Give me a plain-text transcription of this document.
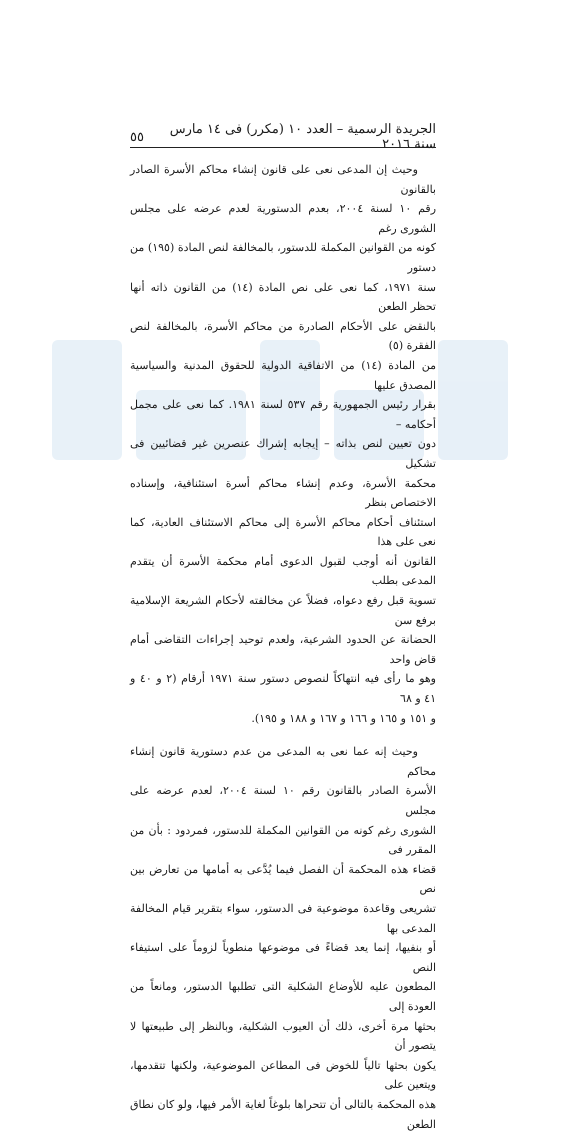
الجريدة الرسمية – العدد ١٠ (مكرر) فى ١٤ مارس سنة ٢٠١٦
٥٥

وحيث إن المدعى نعى على قانون إنشاء محاكم الأسرة الصادر بالقانون
رقم ١٠ لسنة ٢٠٠٤، بعدم الدستورية لعدم عرضه على مجلس الشورى رغم
كونه من القوانين المكملة للدستور، بالمخالفة لنص المادة (١٩٥) من دستور
سنة ١٩٧١، كما نعى على نص المادة (١٤) من القانون ذاته أنها تحظر الطعن
بالنقض على الأحكام الصادرة من محاكم الأسرة، بالمخالفة لنص الفقرة (٥)
من المادة (١٤) من الاتفاقية الدولية للحقوق المدنية والسياسية المصدق عليها
بقرار رئيس الجمهورية رقم ٥٣٧ لسنة ١٩٨١. كما نعى على مجمل أحكامه –
دون تعيين لنص بذاته – إيجابه إشراك عنصرين غير قضائيين فى تشكيل
محكمة الأسرة، وعدم إنشاء محاكم أسرة استئنافية، وإسناده الاختصاص بنظر
استئناف أحكام محاكم الأسرة إلى محاكم الاستئناف العادية، كما نعى على هذا
القانون أنه أوجب لقبول الدعوى أمام محكمة الأسرة أن يتقدم المدعى بطلب
تسوية قبل رفع دعواه، فضلاً عن مخالفته لأحكام الشريعة الإسلامية برفع سن
الحضانة عن الحدود الشرعية، ولعدم توحيد إجراءات التقاضى أمام قاض واحد
وهو ما رأى فيه انتهاكاً لنصوص دستور سنة ١٩٧١ أرقام (٢ و ٤٠ و ٤١ و ٦٨
و ١٥١ و ١٦٥ و ١٦٦ و ١٦٧ و ١٨٨ و ١٩٥).

وحيث إنه عما نعى به المدعى من عدم دستورية قانون إنشاء محاكم
الأسرة الصادر بالقانون رقم ١٠ لسنة ٢٠٠٤، لعدم عرضه على مجلس
الشورى رغم كونه من القوانين المكملة للدستور، فمردود : بأن من المقرر فى
قضاء هذه المحكمة أن الفصل فيما يُدَّعى به أمامها من تعارض بين نص
تشريعى وقاعدة موضوعية فى الدستور، سواء بتقرير قيام المخالفة المدعى بها
أو بنفيها، إنما يعد قضاءً فى موضوعها منطوياً لزوماً على استيفاء النص
المطعون عليه للأوضاع الشكلية التى تطلبها الدستور، ومانعاً من العودة إلى
بحثها مرة أخرى، ذلك أن العيوب الشكلية، وبالنظر إلى طبيعتها لا يتصور أن
يكون بحثها تالياً للخوض فى المطاعن الموضوعية، ولكنها تتقدمها، ويتعين على
هذه المحكمة بالتالى أن تتحراها بلوغاً لغاية الأمر فيها، ولو كان نطاق الطعن
